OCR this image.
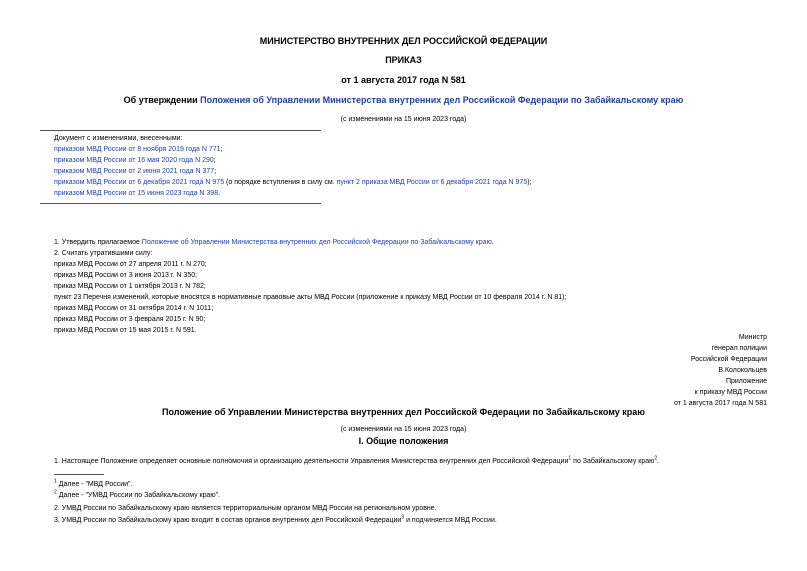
МИНИСТЕРСТВО ВНУТРЕННИХ ДЕЛ РОССИЙСКОЙ ФЕДЕРАЦИИ
ПРИКАЗ
от 1 августа 2017 года N 581
Об утверждении Положения об Управлении Министерства внутренних дел Российской Федерации по Забайкальскому краю
(с изменениями на 15 июня 2023 года)
Документ с изменениями, внесенными:
приказом МВД России от 8 ноября 2019 года N 771;
приказом МВД России от 16 мая 2020 года N 290;
приказом МВД России от 2 июня 2021 года N 377;
приказом МВД России от 6 декабря 2021 года N 975 (о порядке вступления в силу см. пункт 2 приказа МВД России от 6 декабря 2021 года N 975);
приказом МВД России от 15 июня 2023 года N 398.
1. Утвердить прилагаемое Положение об Управлении Министерства внутренних дел Российской Федерации по Забайкальскому краю.
2. Считать утратившими силу:
приказ МВД России от 27 апреля 2011 г. N 270;
приказ МВД России от 3 июня 2013 г. N 350;
приказ МВД России от 1 октября 2013 г. N 782;
пункт 23 Перечня изменений, которые вносятся в нормативные правовые акты МВД России (приложение к приказу МВД России от 10 февраля 2014 г. N 81);
приказ МВД России от 31 октября 2014 г. N 1011;
приказ МВД России от 3 февраля 2015 г. N 90;
приказ МВД России от 15 мая 2015 г. N 591.
Министр
генерал полиции
Российской Федерации
В.Колокольцев
Приложение
к приказу МВД России
от 1 августа 2017 года N 581
Положение об Управлении Министерства внутренних дел Российской Федерации по Забайкальскому краю
(с изменениями на 15 июня 2023 года)
I. Общие положения
1. Настоящее Положение определяет основные полномочия и организацию деятельности Управления Министерства внутренних дел Российской Федерации$^1$ по Забайкальскому краю$^2$.
$^1$ Далее - "МВД России".
$^2$ Далее - "УМВД России по Забайкальскому краю".
2. УМВД России по Забайкальскому краю является территориальным органом МВД России на региональном уровне.
3. УМВД России по Забайкальскому краю входит в состав органов внутренних дел Российской Федерации$^3$ и подчиняется МВД России.
